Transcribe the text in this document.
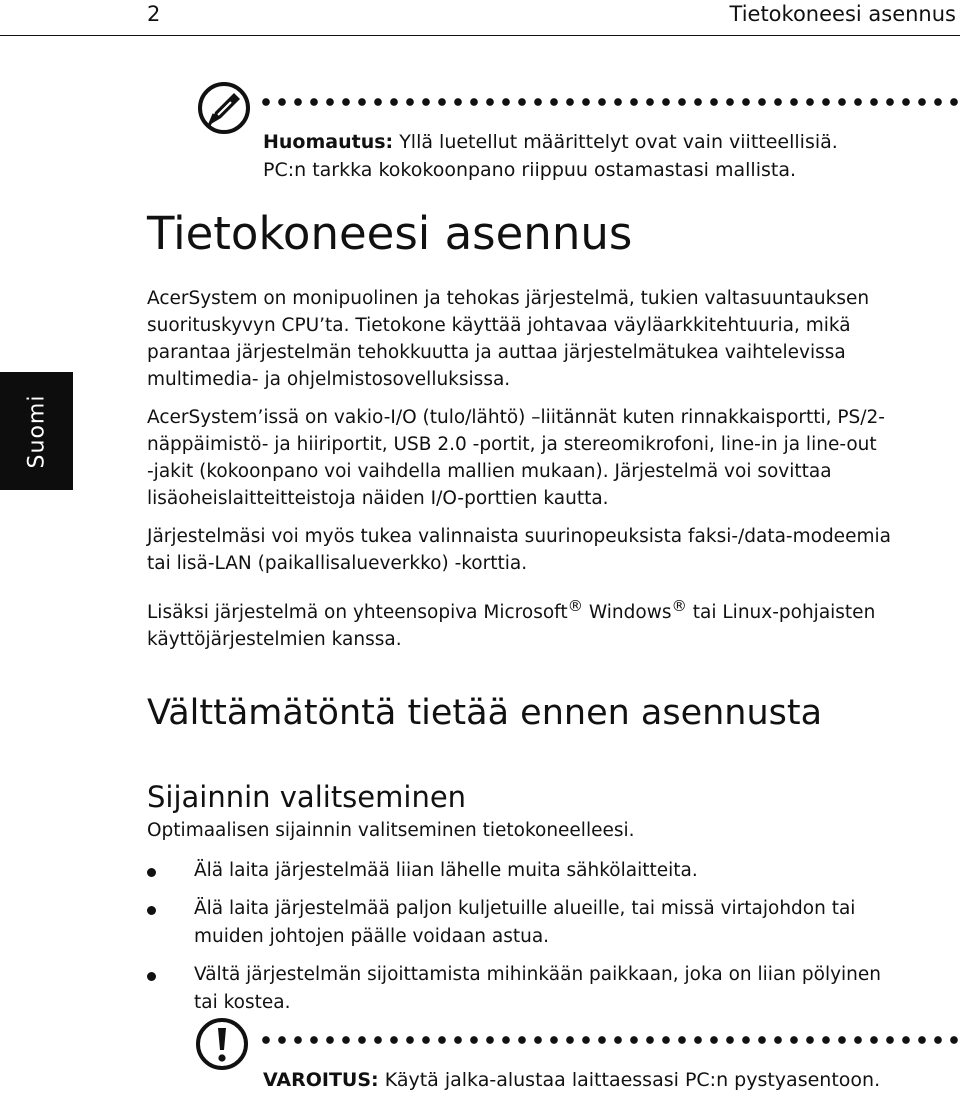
2	Tietokoneesi asennus
Suomi
Huomautus: Yllä luetellut määrittelyt ovat vain viitteellisiä.
PC:n tarkka kokokoonpano riippuu ostamastasi mallista.
Tietokoneesi asennus

AcerSystem on monipuolinen ja tehokas järjestelmä, tukien valtasuuntauksen

suorituskyvyn CPU’ta. Tietokone käyttää johtavaa väyläarkkitehtuuria, mikä

parantaa järjestelmän tehokkuutta ja auttaa järjestelmätukea vaihtelevissa

multimedia- ja ohjelmistosovelluksissa.

AcerSystem’issä on vakio-I/O (tulo/lähtö) –liitännät kuten rinnakkaisportti, PS/2-

näppäimistö- ja hiiriportit, USB 2.0 -portit, ja stereomikrofoni, line-in ja line-out

-jakit (kokoonpano voi vaihdella mallien mukaan). Järjestelmä voi sovittaa

lisäoheislaitteitteistoja näiden I/O-porttien kautta.

Järjestelmäsi voi myös tukea valinnaista suurinopeuksista faksi-/data-modeemia

tai lisä-LAN (paikallisalueverkko) -korttia.

Lisäksi järjestelmä on yhteensopiva Microsoft® Windows® tai Linux-pohjaisten

käyttöjärjestelmien kanssa.

Välttämätöntä tietää ennen asennusta
Sijainnin valitseminen
Optimaalisen sijainnin valitseminen tietokoneelleesi.
Älä laita järjestelmää liian lähelle muita sähkölaitteita.
Älä laita järjestelmää paljon kuljetuille alueille, tai missä virtajohdon tai
muiden johtojen päälle voidaan astua.
Vältä järjestelmän sijoittamista mihinkään paikkaan, joka on liian pölyinen
tai kostea.
VAROITUS: Käytä jalka-alustaa laittaessasi PC:n pystyasentoon.
